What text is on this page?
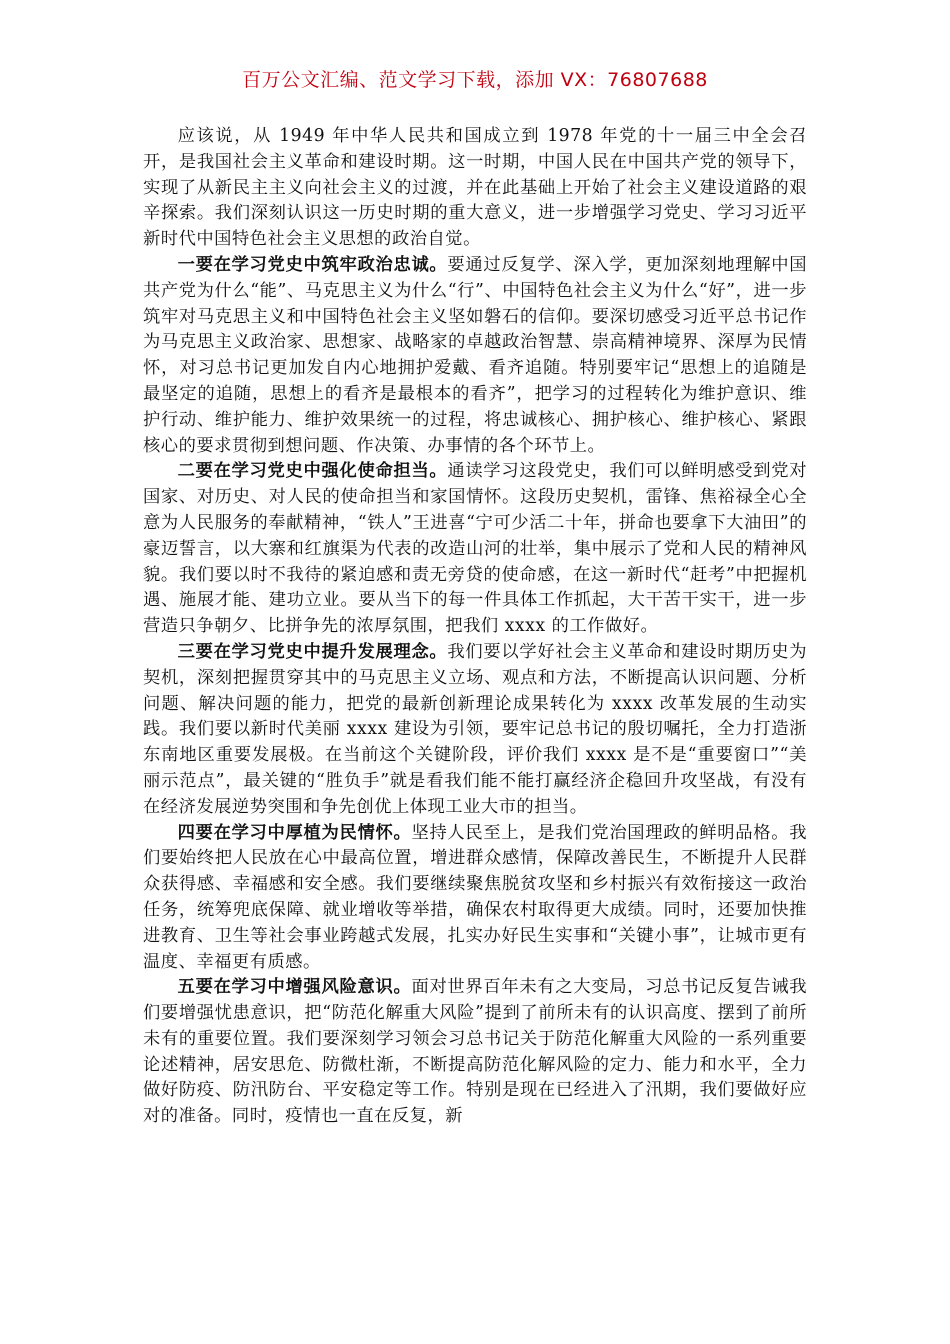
百万公文汇编、范文学习下载，添加 VX：76807688

应该说，从 1949 年中华人民共和国成立到 1978 年党的十一届三中全会召开，是我国社会主义革命和建设时期。这一时期，中国人民在中国共产党的领导下，实现了从新民主主义向社会主义的过渡，并在此基础上开始了社会主义建设道路的艰辛探索。我们深刻认识这一历史时期的重大意义，进一步增强学习党史、学习习近平新时代中国特色社会主义思想的政治自觉。

一要在学习党史中筑牢政治忠诚。要通过反复学、深入学，更加深刻地理解中国共产党为什么“能”、马克思主义为什么“行”、中国特色社会主义为什么“好”，进一步筑牢对马克思主义和中国特色社会主义坚如磐石的信仰。要深切感受习近平总书记作为马克思主义政治家、思想家、战略家的卓越政治智慧、崇高精神境界、深厚为民情怀，对习总书记更加发自内心地拥护爱戴、看齐追随。特别要牢记“思想上的追随是最坚定的追随，思想上的看齐是最根本的看齐”，把学习的过程转化为维护意识、维护行动、维护能力、维护效果统一的过程，将忠诚核心、拥护核心、维护核心、紧跟核心的要求贯彻到想问题、作决策、办事情的各个环节上。

二要在学习党史中强化使命担当。通读学习这段党史，我们可以鲜明感受到党对国家、对历史、对人民的使命担当和家国情怀。这段历史契机，雷锋、焦裕禄全心全意为人民服务的奉献精神，“铁人”王进喜“宁可少活二十年，拼命也要拿下大油田”的豪迈誓言，以大寨和红旗渠为代表的改造山河的壮举，集中展示了党和人民的精神风貌。我们要以时不我待的紧迫感和责无旁贷的使命感，在这一新时代“赶考”中把握机遇、施展才能、建功立业。要从当下的每一件具体工作抓起，大干苦干实干，进一步营造只争朝夕、比拼争先的浓厚氛围，把我们 xxxx 的工作做好。

三要在学习党史中提升发展理念。我们要以学好社会主义革命和建设时期历史为契机，深刻把握贯穿其中的马克思主义立场、观点和方法，不断提高认识问题、分析问题、解决问题的能力，把党的最新创新理论成果转化为 xxxx 改革发展的生动实践。我们要以新时代美丽 xxxx 建设为引领，要牢记总书记的殷切嘱托，全力打造浙东南地区重要发展极。在当前这个关键阶段，评价我们 xxxx 是不是“重要窗口”“美丽示范点”，最关键的“胜负手”就是看我们能不能打赢经济企稳回升攻坚战，有没有在经济发展逆势突围和争先创优上体现工业大市的担当。

四要在学习中厚植为民情怀。坚持人民至上，是我们党治国理政的鲜明品格。我们要始终把人民放在心中最高位置，增进群众感情，保障改善民生，不断提升人民群众获得感、幸福感和安全感。我们要继续聚焦脱贫攻坚和乡村振兴有效衔接这一政治任务，统筹兜底保障、就业增收等举措，确保农村取得更大成绩。同时，还要加快推进教育、卫生等社会事业跨越式发展，扎实办好民生实事和“关键小事”，让城市更有温度、幸福更有质感。

五要在学习中增强风险意识。面对世界百年未有之大变局，习总书记反复告诫我们要增强忧患意识，把“防范化解重大风险”提到了前所未有的认识高度、摆到了前所未有的重要位置。我们要深刻学习领会习总书记关于防范化解重大风险的一系列重要论述精神，居安思危、防微杜渐，不断提高防范化解风险的定力、能力和水平，全力做好防疫、防汛防台、平安稳定等工作。特别是现在已经进入了汛期，我们要做好应对的准备。同时，疫情也一直在反复，新
